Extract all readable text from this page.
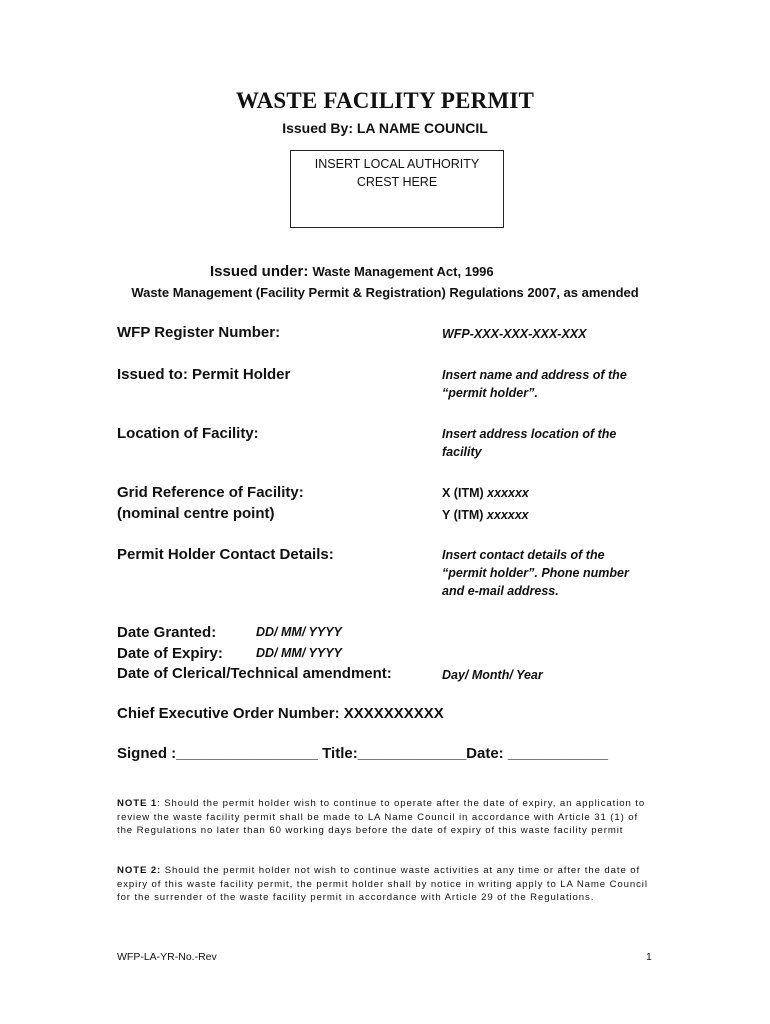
WASTE FACILITY PERMIT
Issued By: LA NAME COUNCIL
INSERT LOCAL AUTHORITY
CREST HERE
Issued under: Waste Management Act, 1996
Waste Management (Facility Permit & Registration) Regulations 2007, as amended
WFP Register Number:	WFP-XXX-XXX-XXX-XXX
Issued to: Permit Holder	Insert name and address of the
“permit holder”.
Location of Facility:	Insert address location of the
facility
Grid Reference of Facility:
(nominal centre point)
X (ITM) xxxxxx
Y (ITM) xxxxxx
Permit Holder Contact Details:	Insert contact details of the
“permit holder”. Phone number
and e-mail address.
Date Granted:	DD/ MM/ YYYY
Date of Expiry:	DD/ MM/ YYYY
Date of Clerical/Technical amendment:	Day/ Month/ Year
Chief Executive Order Number: XXXXXXXXXX
Signed :_________________ Title:_____________Date: ____________
NOTE 1: Should the permit holder wish to continue to operate after the date of expiry, an application to review the waste facility permit shall be made to LA Name Council in accordance with Article 31 (1) of the Regulations no later than 60 working days before the date of expiry of this waste facility permit
NOTE 2: Should the permit holder not wish to continue waste activities at any time or after the date of expiry of this waste facility permit, the permit holder shall by notice in writing apply to LA Name Council for the surrender of the waste facility permit in accordance with Article 29 of the Regulations.
WFP-LA-YR-No.-Rev	1
